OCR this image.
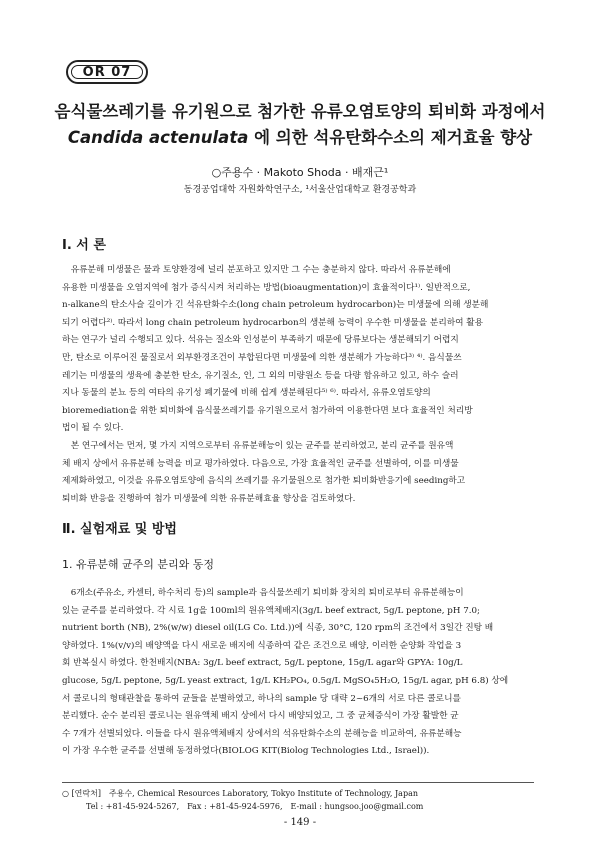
OR 07
음식물쓰레기를 유기원으로 첨가한 유류오염토양의 퇴비화 과정에서
Candida actenulata 에 의한 석유탄화수소의 제거효율 향상
○주용수 · Makoto Shoda · 배재근¹
동경공업대학 자원화학연구소, ¹서울산업대학교 환경공학과
Ⅰ. 서 론
　유류분해 미생물은 물과 토양환경에 널리 분포하고 있지만 그 수는 충분하지 않다. 따라서 유류분해에
유용한 미생물을 오염지역에 첨가 증식시켜 처리하는 방법(bioaugmentation)이 효율적이다¹⁾. 일반적으로,
n-alkane의 탄소사슬 길이가 긴 석유탄화수소(long chain petroleum hydrocarbon)는 미생물에 의해 생분해
되기 어렵다²⁾. 따라서 long chain petroleum hydrocarbon의 생분해 능력이 우수한 미생물을 분리하여 활용
하는 연구가 널리 수행되고 있다. 석유는 질소와 인성분이 부족하기 때문에 당류보다는 생분해되기 어렵지
만, 탄소로 이루어진 물질로서 외부환경조건이 부합된다면 미생물에 의한 생분해가 가능하다³⁾ ⁴⁾. 음식물쓰
레기는 미생물의 생육에 충분한 탄소, 유기질소, 인, 그 외의 미량원소 등을 다량 함유하고 있고, 하수 슬러
지나 동물의 분뇨 등의 여타의 유기성 폐기물에 비해 쉽게 생분해된다⁵⁾ ⁶⁾. 따라서, 유류오염토양의
bioremediation을 위한 퇴비화에 음식물쓰레기를 유기원으로서 첨가하여 이용한다면 보다 효율적인 처리방
법이 될 수 있다.
　본 연구에서는 먼저, 몇 가지 지역으로부터 유류분해능이 있는 균주를 분리하였고, 분리 균주를 원유액
체 배지 상에서 유류분해 능력을 비교 평가하였다. 다음으로, 가장 효율적인 균주를 선별하여, 이를 미생물
제제화하였고, 이것을 유류오염토양에 음식의 쓰레기를 유기물원으로 첨가한 퇴비화반응기에 seeding하고
퇴비화 반응을 진행하여 첨가 미생물에 의한 유류분해효율 향상을 검토하였다.
Ⅱ. 실험재료 및 방법
1. 유류분해 균주의 분리와 동정
　6개소(주유소, 카센터, 하수처리 등)의 sample과 음식물쓰레기 퇴비화 장치의 퇴비로부터 유류분해능이
있는 균주를 분리하였다. 각 시료 1g을 100ml의 원유액체배지(3g/L beef extract, 5g/L peptone, pH 7.0;
nutrient borth (NB), 2%(w/w) diesel oil(LG Co. Ltd.))에 식종, 30°C, 120 rpm의 조건에서 3일간 진탕 배
양하였다. 1%(v/v)의 배양액을 다시 새로운 배지에 식종하여 같은 조건으로 배양, 이러한 순양화 작업을 3
회 반복실시 하였다. 한천배지(NBA: 3g/L beef extract, 5g/L peptone, 15g/L agar와 GPYA: 10g/L
glucose, 5g/L peptone, 5g/L yeast extract, 1g/L KH₂PO₄, 0.5g/L MgSO₄5H₂O, 15g/L agar, pH 6.8) 상에
서 콜로니의 형태관찰을 통하여 균들을 분별하였고, 하나의 sample 당 대략 2~6개의 서로 다른 콜로니를
분리했다. 순수 분리된 콜로니는 원유액체 배지 상에서 다시 배양되었고, 그 중 균체증식이 가장 활발한 균
수 7개가 선별되었다. 이들을 다시 원유액체배지 상에서의 석유탄화수소의 분해능을 비교하여, 유류분해능
이 가장 우수한 균주를 선별해 동정하였다(BIOLOG KIT(Biolog Technologies Ltd., Israel)).
○ [연락처]　주용수, Chemical Resources Laboratory, Tokyo Institute of Technology, Japan
　　　Tel : +81-45-924-5267,　Fax : +81-45-924-5976,　E-mail : hungsoo.joo@gmail.com
- 149 -
